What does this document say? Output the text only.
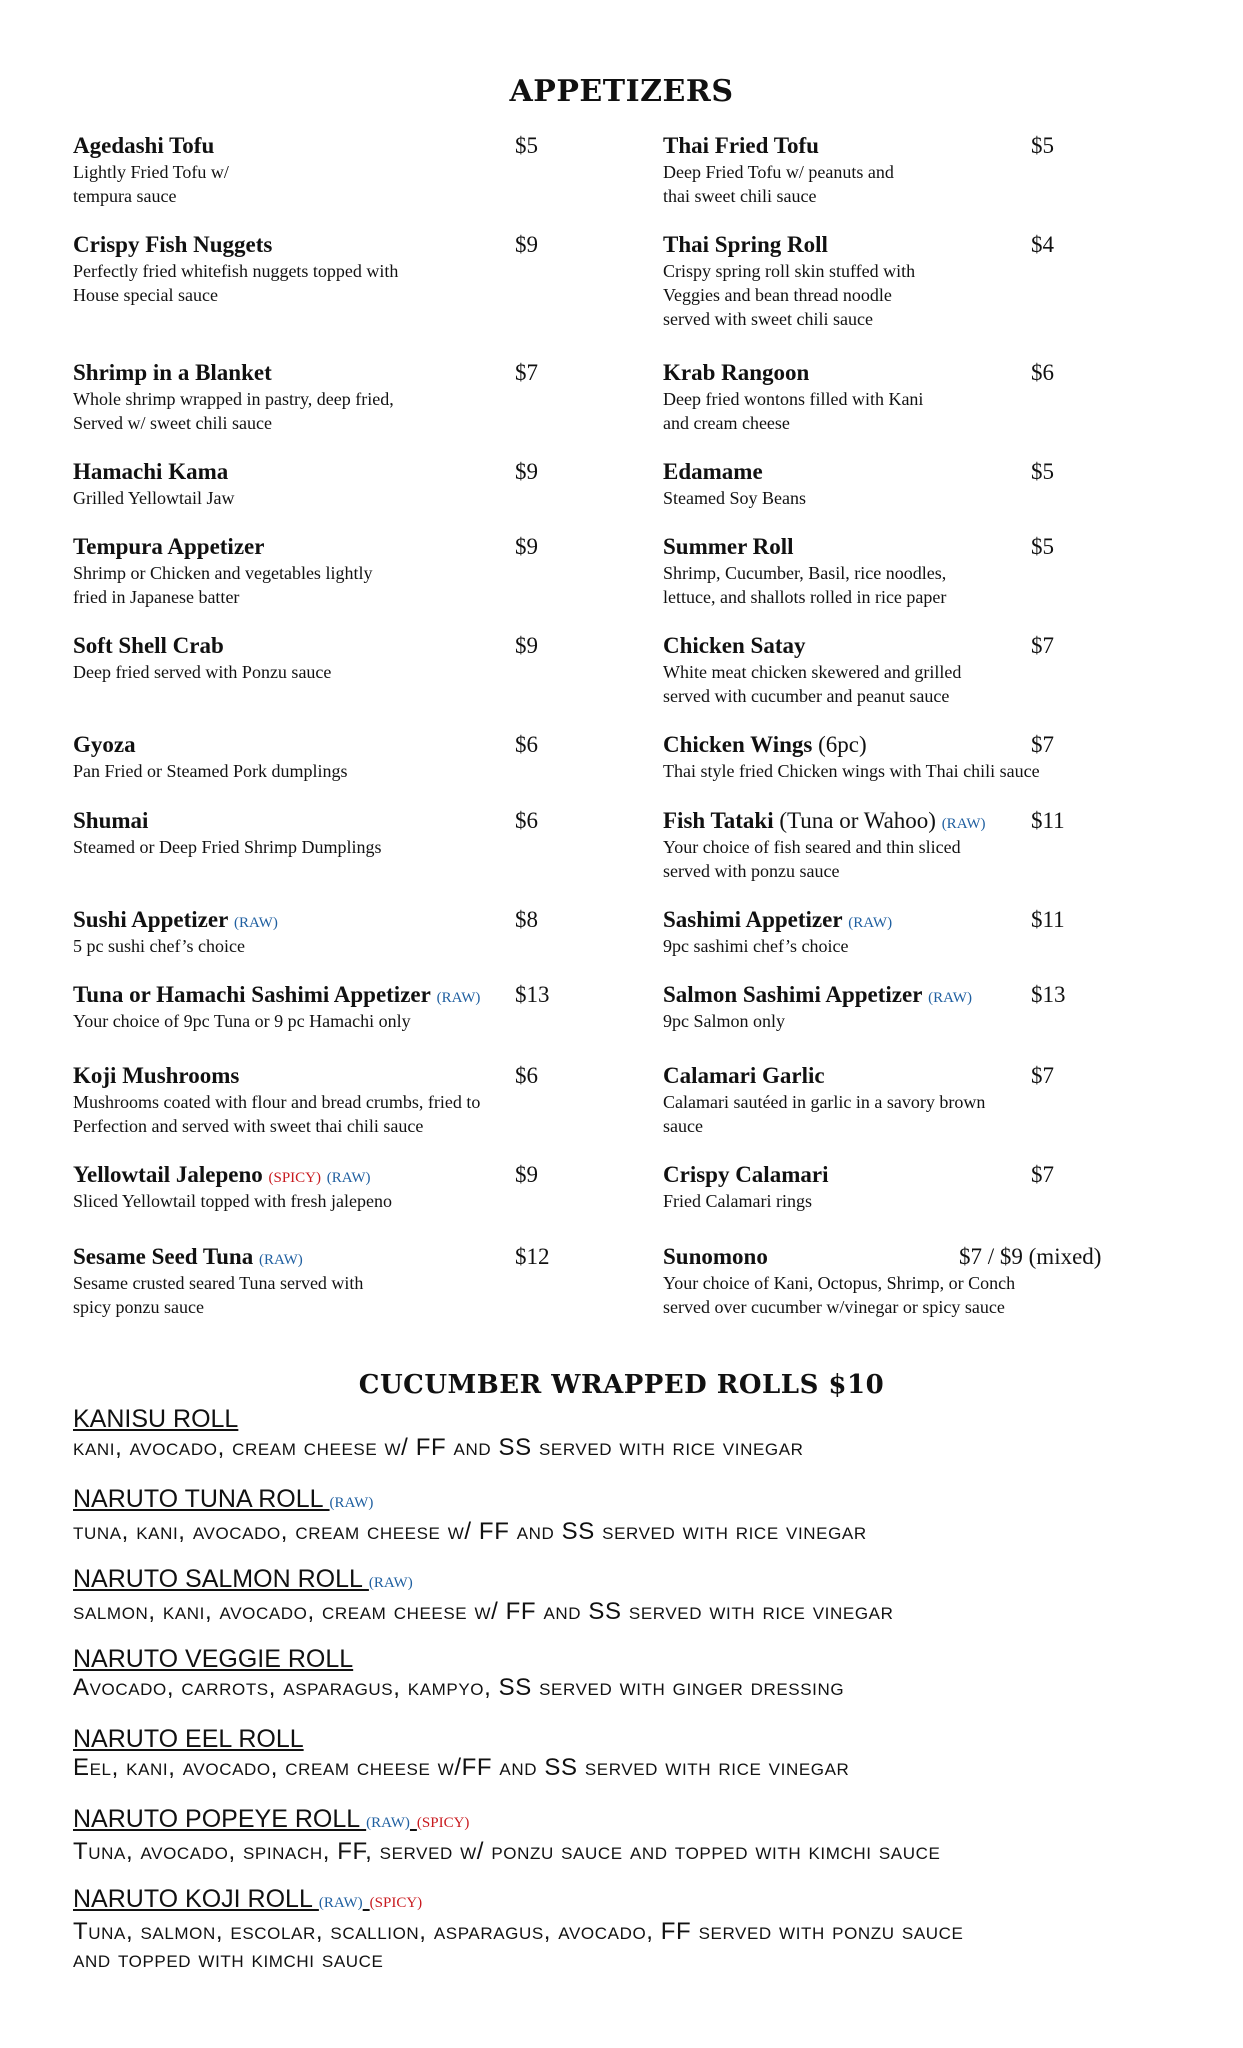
APPETIZERS
Agedashi Tofu	$5
Lightly Fried Tofu w/
tempura sauce
Crispy Fish Nuggets	$9
Perfectly fried whitefish nuggets topped with
House special sauce
Shrimp in a Blanket	$7
Whole shrimp wrapped in pastry, deep fried,
Served w/ sweet chili sauce
Hamachi Kama	$9
Grilled Yellowtail Jaw
Tempura Appetizer	$9
Shrimp or Chicken and vegetables lightly
fried in Japanese batter
Soft Shell Crab	$9
Deep fried served with Ponzu sauce
Gyoza	$6
Pan Fried or Steamed Pork dumplings
Shumai	$6
Steamed or Deep Fried Shrimp Dumplings
Sushi Appetizer (RAW)	$8
5 pc sushi chef’s choice
Tuna or Hamachi Sashimi Appetizer (RAW) $13
Your choice of 9pc Tuna or 9 pc Hamachi only
Koji Mushrooms	$6
Mushrooms coated with flour and bread crumbs, fried to
Perfection and served with sweet thai chili sauce
Yellowtail Jalepeno (SPICY) (RAW)	$9
Sliced Yellowtail topped with fresh jalepeno
Sesame Seed Tuna (RAW)	$12
Sesame crusted seared Tuna served with
spicy ponzu sauce
Thai Fried Tofu	$5
Deep Fried Tofu w/ peanuts and
thai sweet chili sauce
Thai Spring Roll	$4
Crispy spring roll skin stuffed with
Veggies and bean thread noodle
served with sweet chili sauce
Krab Rangoon	$6
Deep fried wontons filled with Kani
and cream cheese
Edamame	$5
Steamed Soy Beans
Summer Roll	$5
Shrimp, Cucumber, Basil, rice noodles,
lettuce, and shallots rolled in rice paper
Chicken Satay	$7
White meat chicken skewered and grilled
served with cucumber and peanut sauce
Chicken Wings (6pc)	$7
Thai style fried Chicken wings with Thai chili sauce
Fish Tataki (Tuna or Wahoo) (RAW) $11
Your choice of fish seared and thin sliced
served with ponzu sauce
Sashimi Appetizer (RAW)	$11
9pc sashimi chef’s choice
Salmon Sashimi Appetizer (RAW)	$13
9pc Salmon only
Calamari Garlic	$7
Calamari sautéed in garlic in a savory brown
sauce
Crispy Calamari	$7
Fried Calamari rings
Sunomono	$7 / $9 (mixed)
Your choice of Kani, Octopus, Shrimp, or Conch
served over cucumber w/vinegar or spicy sauce
CUCUMBER WRAPPED ROLLS $10
KANISU ROLL
kani, avocado, cream cheese w/ FF and SS served with rice vinegar
NARUTO TUNA ROLL (RAW)
tuna, kani, avocado, cream cheese w/ FF and SS served with rice vinegar
NARUTO SALMON ROLL (RAW)
salmon, kani, avocado, cream cheese w/ FF and SS served with rice vinegar
NARUTO VEGGIE ROLL
Avocado, carrots, asparagus, kampyo, SS served with ginger dressing
NARUTO EEL ROLL
Eel, kani, avocado, cream cheese w/FF and SS served with rice vinegar
NARUTO POPEYE ROLL (RAW) (SPICY)
Tuna, avocado, spinach, FF, served w/ ponzu sauce and topped with kimchi sauce
NARUTO KOJI ROLL (RAW) (SPICY)
Tuna, salmon, escolar, scallion, asparagus, avocado, FF served with ponzu sauce
and topped with kimchi sauce
